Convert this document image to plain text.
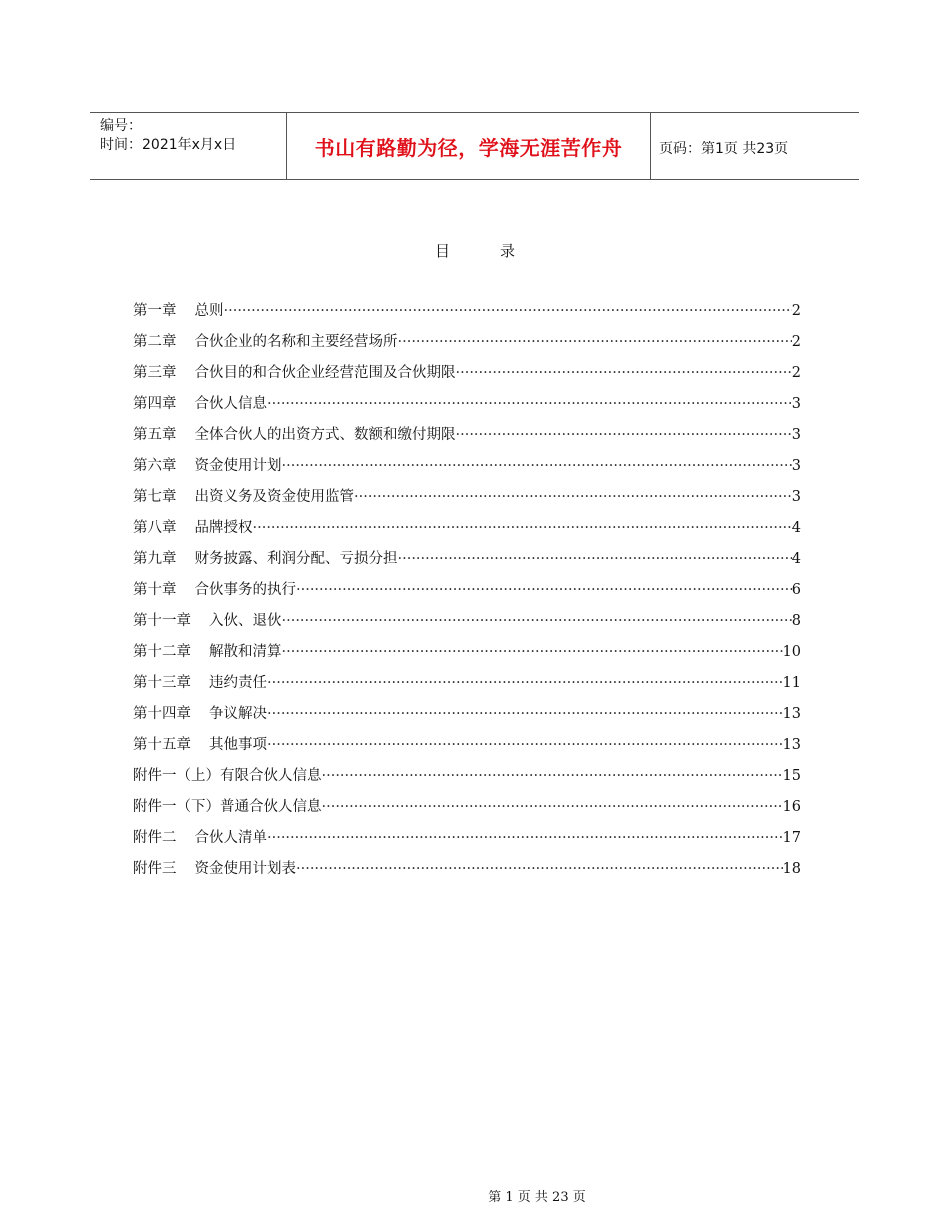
编号：
时间：2021年x月x日	书山有路勤为径，学海无涯苦作舟	页码：第1页 共23页
目录
第一章 总则 ·····	2
第二章 合伙企业的名称和主要经营场所 ·····	2
第三章 合伙目的和合伙企业经营范围及合伙期限 ·····	2
第四章 合伙人信息 ·····	3
第五章 全体合伙人的出资方式、数额和缴付期限 ·····	3
第六章 资金使用计划 ·····	3
第七章 出资义务及资金使用监管 ·····	3
第八章 品牌授权 ·····	4
第九章 财务披露、利润分配、亏损分担 ·····	4
第十章 合伙事务的执行 ·····	6
第十一章 入伙、退伙 ·····	8
第十二章 解散和清算 ·····	10
第十三章 违约责任 ·····	11
第十四章 争议解决 ·····	13
第十五章 其他事项 ·····	13
附件一（上）有限合伙人信息 ·····	15
附件一（下）普通合伙人信息 ·····	16
附件二 合伙人清单 ·····	17
附件三 资金使用计划表 ·····	18
第 1 页 共 23 页
